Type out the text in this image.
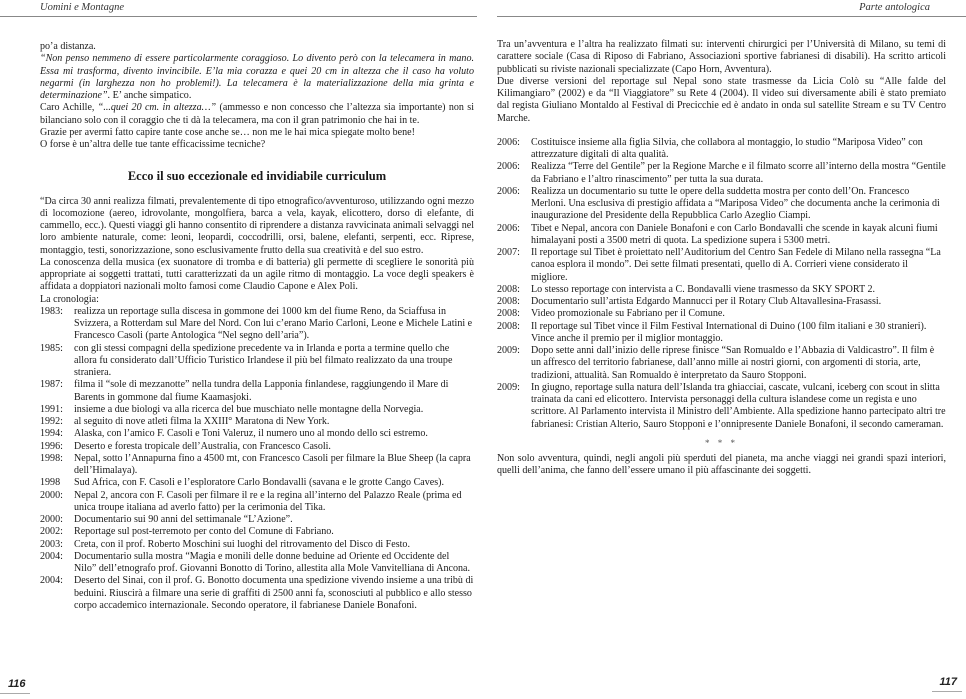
Uomini e Montagne

po’a distanza.

“Non penso nemmeno di essere particolarmente coraggioso. Lo divento però con la telecamera in mano. Essa mi trasforma, divento invincibile. E’la mia corazza e quei 20 cm in altezza che il caso ha voluto negarmi (in larghezza non ho problemi!). La telecamera è la materializzazione della mia grinta e determinazione”. E’ anche simpatico.

Caro Achille, “...quei 20 cm. in altezza…” (ammesso e non concesso che l’altezza sia importante) non si bilanciano solo con il coraggio che ti dà la telecamera, ma con il gran patrimonio che hai in te.

Grazie per avermi fatto capire tante cose anche se… non me le hai mica spiegate molto bene!

O forse è un’altra delle tue tante efficacissime tecniche?

Ecco il suo eccezionale ed invidiabile curriculum

“Da circa 30 anni realizza filmati, prevalentemente di tipo etnografico/avventuroso, utilizzando ogni mezzo di locomozione (aereo, idrovolante, mongolfiera, barca a vela, kayak, elicottero, dorso di elefante, di cammello, ecc.). Questi viaggi gli hanno consentito di riprendere a distanza ravvicinata animali selvaggi nel loro ambiente naturale, come: leoni, leopardi, coccodrilli, orsi, balene, elefanti, serpenti, ecc. Riprese, montaggio, testi, sonorizzazione, sono esclusivamente frutto della sua creatività e del suo estro.

La conoscenza della musica (ex suonatore di tromba e di batteria) gli permette di scegliere le sonorità più appropriate ai soggetti trattati, tutti caratterizzati da un agile ritmo di montaggio. La voce degli speakers è affidata a doppiatori nazionali molto famosi come Claudio Capone e Alex Poli.

La cronologia:

1983:	realizza un reportage sulla discesa in gommone dei 1000 km del fiume Reno, da Sciaffusa in Svizzera, a Rotterdam sul Mare del Nord. Con lui c’erano Mario Carloni, Leone e Michele Latini e Francesco Casoli (parte Antologica “Nel segno dell’aria”).
1985:	con gli stessi compagni della spedizione precedente va in Irlanda e porta a termine quello che allora fu considerato dall’Ufficio Turistico Irlandese il più bel filmato realizzato da una troupe straniera.
1987:	filma il “sole di mezzanotte” nella tundra della Lapponia finlandese, raggiungendo il Mare di Barents in gommone dal fiume Kaamasjoki.
1991:	insieme a due biologi va alla ricerca del bue muschiato nelle montagne della Norvegia.
1992:	al seguito di nove atleti filma la XXIII° Maratona di New York.
1994:	Alaska, con l’amico F. Casoli e Toni Valeruz, il numero uno al mondo dello sci estremo.
1996:	Deserto e foresta tropicale dell’Australia, con Francesco Casoli.
1998:	Nepal, sotto l’Annapurna fino a 4500 mt, con Francesco Casoli per filmare la Blue Sheep (la capra dell’Himalaya).
1998	Sud Africa, con F. Casoli e l’esploratore Carlo Bondavalli (savana e le grotte Cango Caves).
2000:	Nepal 2, ancora con F. Casoli per filmare il re e la regina all’interno del Palazzo Reale (prima ed unica troupe italiana ad averlo fatto) per la cerimonia del Tika.
2000:	Documentario sui 90 anni del settimanale “L’Azione”.
2002:	Reportage sul post-terremoto per conto del Comune di Fabriano.
2003:	Creta, con il prof. Roberto Moschini sui luoghi del ritrovamento del Disco di Festo.
2004:	Documentario sulla mostra “Magia e monili delle donne beduine ad Oriente ed Occidente del Nilo” dell’etnografo prof. Giovanni Bonotto di Torino, allestita alla Mole Vanvitelliana di Ancona.
2004:	Deserto del Sinai, con il prof. G. Bonotto documenta una spedizione vivendo insieme a una tribù di beduini. Riuscirà a filmare una serie di graffiti di 2500 anni fa, sconosciuti al pubblico e allo stesso corpo accademico internazionale. Secondo operatore, il fabrianese Daniele Bonafoni.
116
Parte antologica

Tra un’avventura e l’altra ha realizzato filmati su: interventi chirurgici per l’Università di Milano, su temi di carattere sociale (Casa di Riposo di Fabriano, Associazioni sportive fabrianesi di disabili). Ha scritto articoli pubblicati su riviste nazionali specializzate (Capo Horn, Avventura).

Due diverse versioni del reportage sul Nepal sono state trasmesse da Licia Colò su “Alle falde del Kilimangiaro” (2002) e da “Il Viaggiatore” su Rete 4 (2004). Il video sui diversamente abili è stato premiato dal regista Giuliano Montaldo al Festival di Precicchie ed è andato in onda sul satellite Stream e su TV Centro Marche.

2006:	Costituisce insieme alla figlia Silvia, che collabora al montaggio, lo studio “Mariposa Video” con attrezzature digitali di alta qualità.
2006:	Realizza “Terre del Gentile” per la Regione Marche e il filmato scorre all’interno della mostra “Gentile da Fabriano e l’altro rinascimento” per tutta la sua durata.
2006:	Realizza un documentario su tutte le opere della suddetta mostra per conto dell’On. Francesco Merloni. Una esclusiva di prestigio affidata a “Mariposa Video” che documenta anche la cerimonia di inaugurazione del Presidente della Repubblica Carlo Azeglio Ciampi.
2006:	Tibet e Nepal, ancora con Daniele Bonafoni e con Carlo Bondavalli che scende in kayak alcuni fiumi himalayani posti a 3500 metri di quota. La spedizione supera i 5300 metri.
2007:	Il reportage sul Tibet è proiettato nell’Auditorium del Centro San Fedele di Milano nella rassegna “La canoa esplora il mondo”. Dei sette filmati presentati, quello di A. Corrieri viene considerato il migliore.
2008:	Lo stesso reportage con intervista a C. Bondavalli viene trasmesso da SKY SPORT 2.
2008:	Documentario sull’artista Edgardo Mannucci per il Rotary Club Altavallesina-Frasassi.
2008:	Video promozionale su Fabriano per il Comune.
2008:	Il reportage sul Tibet vince il Film Festival International di Duino (100 film italiani e 30 stranieri). Vince anche il premio per il miglior montaggio.
2009:	Dopo sette anni dall’inizio delle riprese finisce “San Romualdo e l’Abbazia di Valdicastro”. Il film è un affresco del territorio fabrianese, dall’anno mille ai nostri giorni, con argomenti di storia, arte, tradizioni, attualità. San Romualdo è interpretato da Sauro Stopponi.
2009:	In giugno, reportage sulla natura dell’Islanda tra ghiacciai, cascate, vulcani, iceberg con scout in slitta trainata da cani ed elicottero. Intervista personaggi della cultura islandese come un regista e uno scrittore. Al Parlamento intervista il Ministro dell’Ambiente. Alla spedizione hanno partecipato altri tre fabrianesi: Cristian Alterio, Sauro Stopponi e l’onnipresente Daniele Bonafoni, il secondo cameraman.
* * *

Non solo avventura, quindi, negli angoli più sperduti del pianeta, ma anche viaggi nei grandi spazi interiori, quelli dell’anima, che fanno dell’essere umano il più affascinante dei soggetti.

117
